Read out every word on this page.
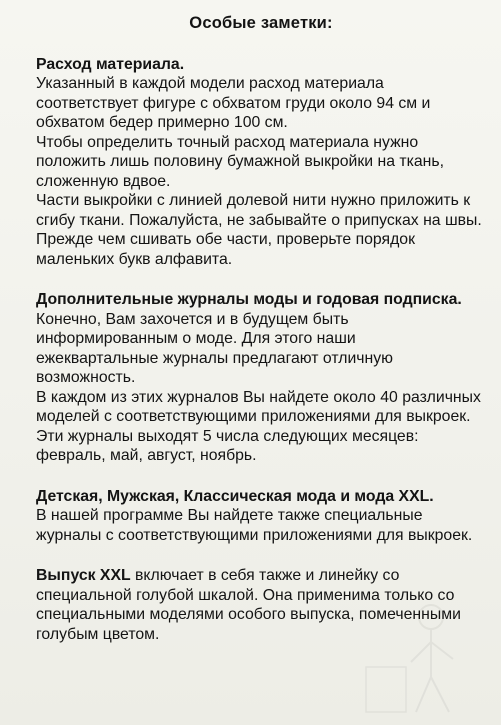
Особые заметки:
Расход материала.
Указанный в каждой модели расход материала соответствует фигуре с обхватом груди около 94 см и обхватом бедер примерно 100 см.
Чтобы определить точный расход материала нужно положить лишь половину бумажной выкройки на ткань, сложенную вдвое.
Части выкройки с линией долевой нити нужно приложить к сгибу ткани. Пожалуйста, не забывайте о припусках на швы. Прежде чем сшивать обе части, проверьте порядок маленьких букв алфавита.
Дополнительные журналы моды и годовая подписка.
Конечно, Вам захочется и в будущем быть информированным о моде. Для этого наши ежеквартальные журналы предлагают отличную возможность.
В каждом из этих журналов Вы найдете около 40 различных моделей с соответствующими приложениями для выкроек. Эти журналы выходят 5 числа следующих месяцев: февраль, май, август, ноябрь.
Детская, Мужская, Классическая мода и мода XXL.
В нашей программе Вы найдете также специальные журналы с соответствующими приложениями для выкроек.
Выпуск XXL включает в себя также и линейку со специальной голубой шкалой. Она применима только со специальными моделями особого выпуска, помеченными голубым цветом.
